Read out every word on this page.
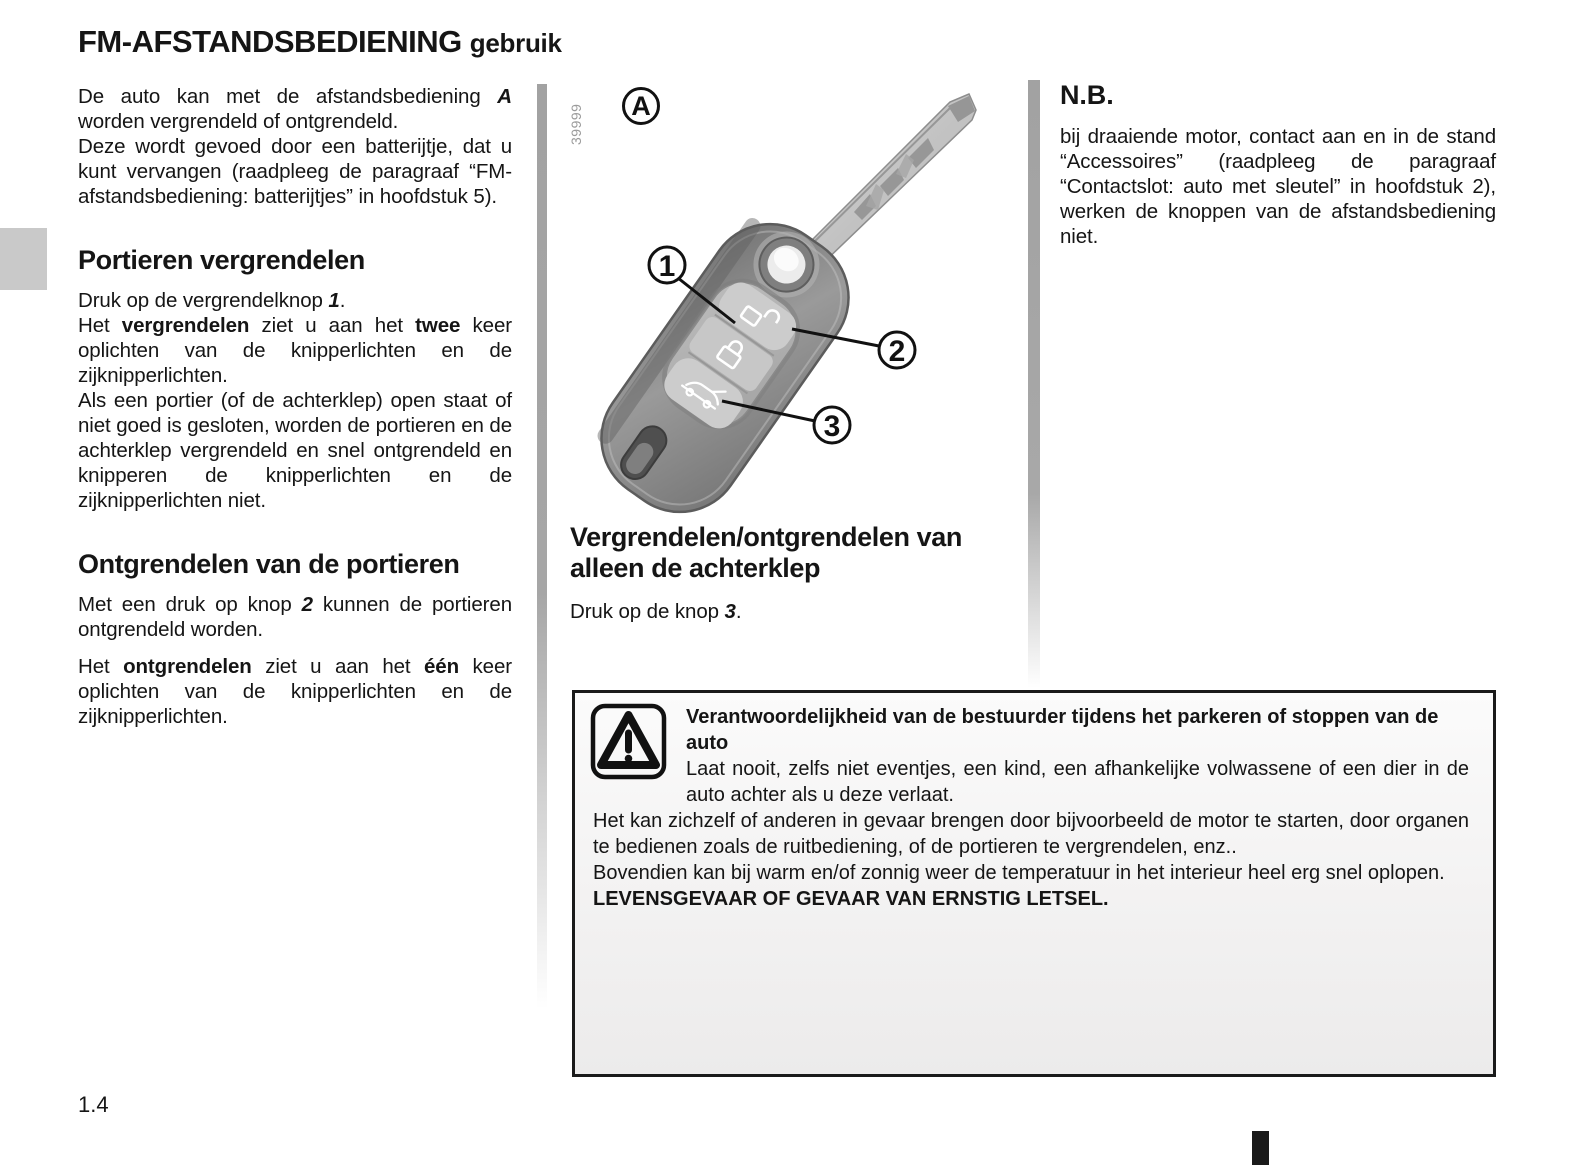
FM-AFSTANDSBEDIENING gebruik

De auto kan met de afstandsbediening A worden vergrendeld of ontgrendeld.

Deze wordt gevoed door een batterijtje, dat u kunt vervangen (raadpleeg de paragraaf “FM-afstandsbediening: batterijtjes” in hoofdstuk 5).

Portieren vergrendelen

Druk op de vergrendelknop 1.

Het vergrendelen ziet u aan het twee keer oplichten van de knipperlichten en de zijknipperlichten.

Als een portier (of de achterklep) open staat of niet goed is gesloten, worden de portieren en de achterklep vergrendeld en snel ontgrendeld en knipperen de knipperlichten en de zijknipperlichten niet.

Ontgrendelen van de portieren

Met een druk op knop 2 kunnen de portieren ontgrendeld worden.

Het ontgrendelen ziet u aan het één keer oplichten van de knipperlichten en de zijknipperlichten.

39999 A
1
2
3
Vergrendelen/ontgrendelen van alleen de achterklep

Druk op de knop 3.

N.B.

bij draaiende motor, contact aan en in de stand “Accessoires” (raadpleeg de paragraaf “Contactslot: auto met sleutel” in hoofdstuk 2), werken de knoppen van de afstandsbediening niet.

Verantwoordelijkheid van de bestuurder tijdens het parkeren of stoppen van de auto

Laat nooit, zelfs niet eventjes, een kind, een afhankelijke volwassene of een dier in de auto achter als u deze verlaat.

Het kan zichzelf of anderen in gevaar brengen door bijvoorbeeld de motor te starten, door organen te bedienen zoals de ruitbediening, of de portieren te vergrendelen, enz..

Bovendien kan bij warm en/of zonnig weer de temperatuur in het interieur heel erg snel oplopen.

LEVENSGEVAAR OF GEVAAR VAN ERNSTIG LETSEL.

1.4
